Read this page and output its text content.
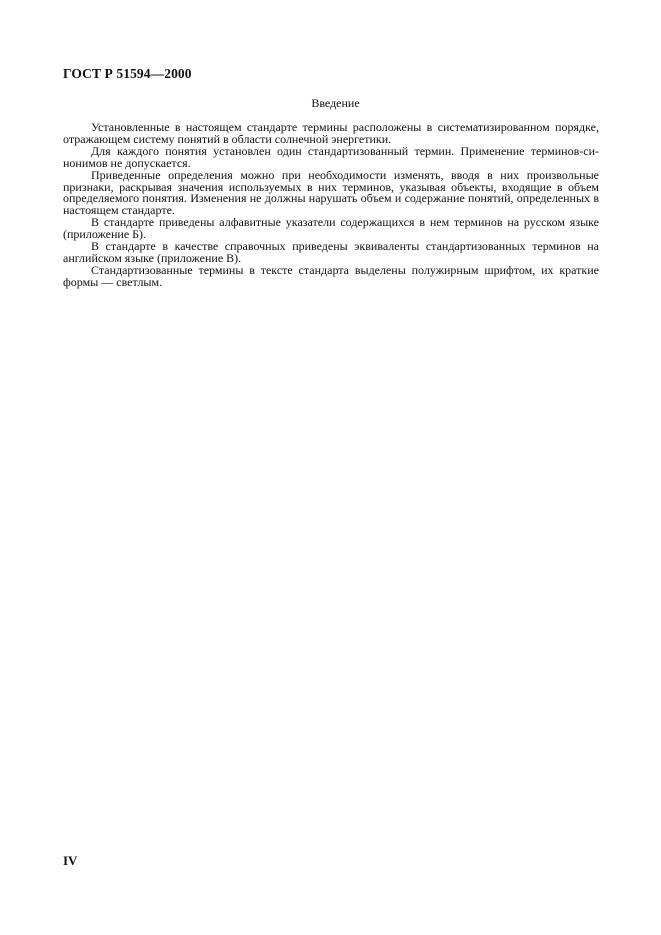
ГОСТ Р 51594—2000
Введение

Установленные в настоящем стандарте термины расположены в систематизированном порядке, отражающем систему понятий в области солнечной энергетики.

Для каждого понятия установлен один стандартизованный термин. Применение терминов-синонимов не допускается.

Приведенные определения можно при необходимости изменять, вводя в них произвольные признаки, раскрывая значения используемых в них терминов, указывая объекты, входящие в объем определяемого понятия. Изменения не должны нарушать объем и содержание понятий, определенных в настоящем стандарте.

В стандарте приведены алфавитные указатели содержащихся в нем терминов на русском языке (приложение Б).

В стандарте в качестве справочных приведены эквиваленты стандартизованных терминов на английском языке (приложение В).

Стандартизованные термины в тексте стандарта выделены полужирным шрифтом, их краткие формы — светлым.

IV
